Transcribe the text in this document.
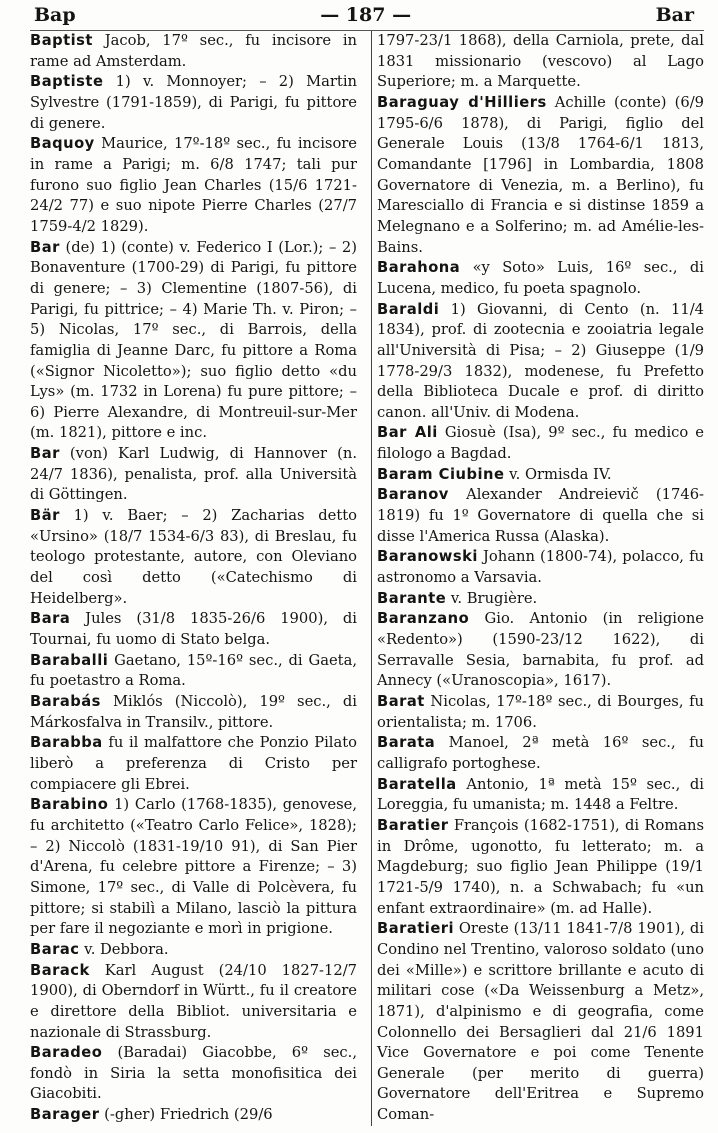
Bap	— 187 —	Bar

Baptist Jacob, 17º sec., fu incisore in rame ad Amsterdam.

Baptiste 1) v. Monnoyer; – 2) Martin Sylvestre (1791-1859), di Parigi, fu pittore di genere.

Baquoy Maurice, 17º-18º sec., fu incisore in rame a Parigi; m. 6/8 1747; tali pur furono suo figlio Jean Charles (15/6 1721-24/2 77) e suo nipote Pierre Charles (27/7 1759-4/2 1829).

Bar (de) 1) (conte) v. Federico I (Lor.); – 2) Bonaventure (1700-29) di Parigi, fu pittore di genere; – 3) Clementine (1807-56), di Parigi, fu pittrice; – 4) Marie Th. v. Piron; – 5) Nicolas, 17º sec., di Barrois, della famiglia di Jeanne Darc, fu pittore a Roma («Signor Nicoletto»); suo figlio detto «du Lys» (m. 1732 in Lorena) fu pure pittore; – 6) Pierre Alexandre, di Montreuil-sur-Mer (m. 1821), pittore e inc.

Bar (von) Karl Ludwig, di Hannover (n. 24/7 1836), penalista, prof. alla Università di Göttingen.

Bär 1) v. Baer; – 2) Zacharias detto «Ursino» (18/7 1534-6/3 83), di Breslau, fu teologo protestante, autore, con Oleviano del così detto («Catechismo di Heidelberg».

Bara Jules (31/8 1835-26/6 1900), di Tournai, fu uomo di Stato belga.

Baraballi Gaetano, 15º-16º sec., di Gaeta, fu poetastro a Roma.

Barabás Miklós (Niccolò), 19º sec., di Márkosfalva in Transilv., pittore.

Barabba fu il malfattore che Ponzio Pilato liberò a preferenza di Cristo per compiacere gli Ebrei.

Barabino 1) Carlo (1768-1835), genovese, fu architetto («Teatro Carlo Felice», 1828); – 2) Niccolò (1831-19/10 91), di San Pier d'Arena, fu celebre pittore a Firenze; – 3) Simone, 17º sec., di Valle di Polcèvera, fu pittore; si stabilì a Milano, lasciò la pittura per fare il negoziante e morì in prigione.

Barac v. Debbora.

Barack Karl August (24/10 1827-12/7 1900), di Oberndorf in Württ., fu il creatore e direttore della Bibliot. universitaria e nazionale di Strassburg.

Baradeo (Baradai) Giacobbe, 6º sec., fondò in Siria la setta monofisitica dei Giacobiti.

Barager (-gher) Friedrich (29/6

1797-23/1 1868), della Carniola, prete, dal 1831 missionario (vescovo) al Lago Superiore; m. a Marquette.

Baraguay d'Hilliers Achille (conte) (6/9 1795-6/6 1878), di Parigi, figlio del Generale Louis (13/8 1764-6/1 1813, Comandante [1796] in Lombardia, 1808 Governatore di Venezia, m. a Berlino), fu Maresciallo di Francia e si distinse 1859 a Melegnano e a Solferino; m. ad Amélie-les-Bains.

Barahona «y Soto» Luis, 16º sec., di Lucena, medico, fu poeta spagnolo.

Baraldi 1) Giovanni, di Cento (n. 11/4 1834), prof. di zootecnia e zooiatria legale all'Università di Pisa; – 2) Giuseppe (1/9 1778-29/3 1832), modenese, fu Prefetto della Biblioteca Ducale e prof. di diritto canon. all'Univ. di Modena.

Bar Ali Giosuè (Isa), 9º sec., fu medico e filologo a Bagdad.

Baram Ciubine v. Ormisda IV.

Baranov Alexander Andreievič (1746-1819) fu 1º Governatore di quella che si disse l'America Russa (Alaska).

Baranowski Johann (1800-74), polacco, fu astronomo a Varsavia.

Barante v. Brugière.

Baranzano Gio. Antonio (in religione «Redento») (1590-23/12 1622), di Serravalle Sesia, barnabita, fu prof. ad Annecy («Uranoscopia», 1617).

Barat Nicolas, 17º-18º sec., di Bourges, fu orientalista; m. 1706.

Barata Manoel, 2ª metà 16º sec., fu calligrafo portoghese.

Baratella Antonio, 1ª metà 15º sec., di Loreggia, fu umanista; m. 1448 a Feltre.

Baratier François (1682-1751), di Romans in Drôme, ugonotto, fu letterato; m. a Magdeburg; suo figlio Jean Philippe (19/1 1721-5/9 1740), n. a Schwabach; fu «un enfant extraordinaire» (m. ad Halle).

Baratieri Oreste (13/11 1841-7/8 1901), di Condino nel Trentino, valoroso soldato (uno dei «Mille») e scrittore brillante e acuto di militari cose («Da Weissenburg a Metz», 1871), d'alpinismo e di geografia, come Colonnello dei Bersaglieri dal 21/6 1891 Vice Governatore e poi come Tenente Generale (per merito di guerra) Governatore dell'Eritrea e Supremo Coman-
